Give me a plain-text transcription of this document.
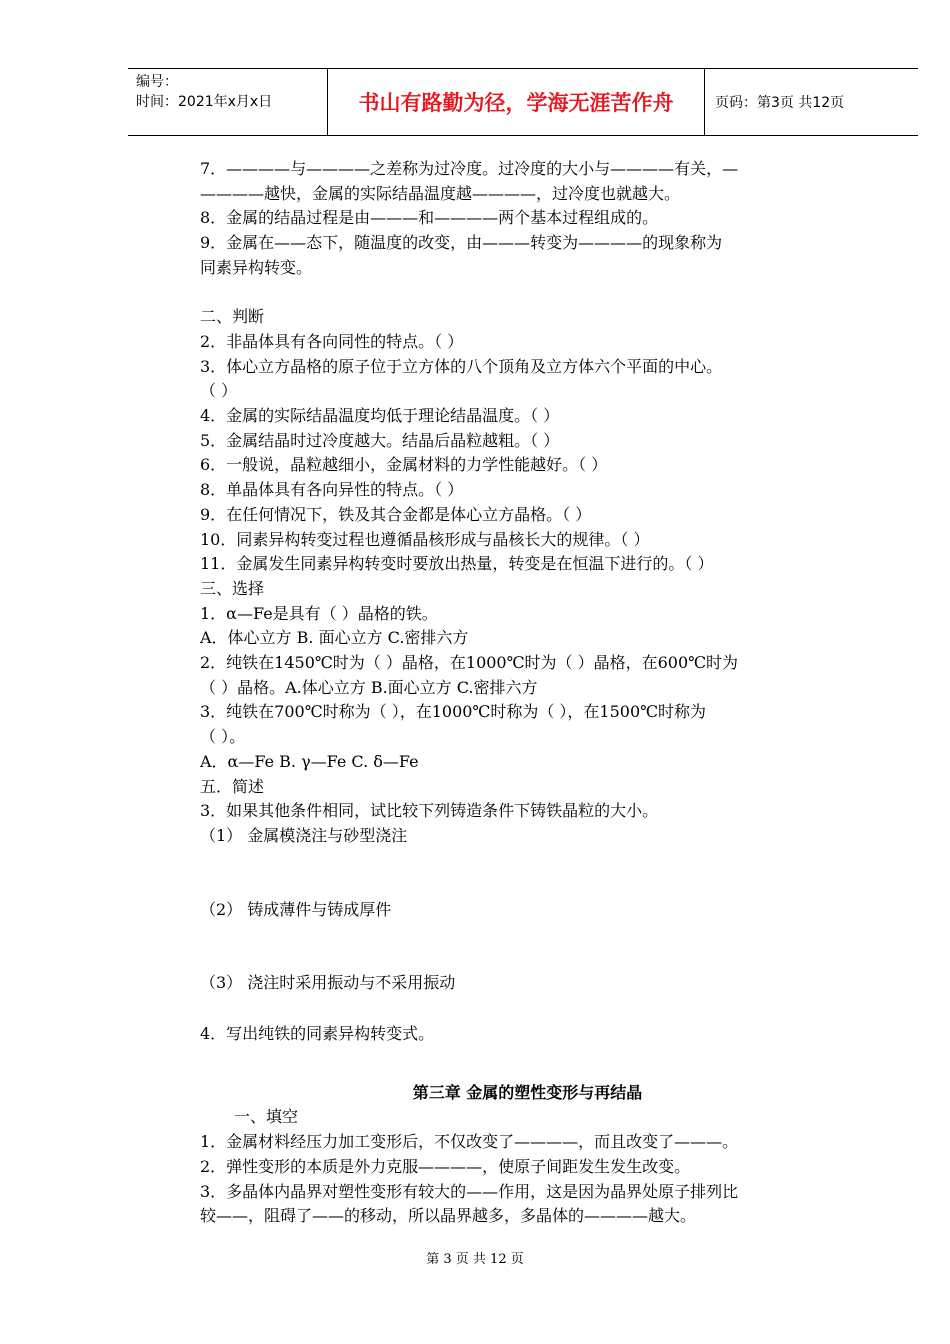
编号：
时间：2021年x月x日	书山有路勤为径，学海无涯苦作舟	页码：第3页 共12页

7．————与————之差称为过冷度。过冷度的大小与————有关，—

————越快，金属的实际结晶温度越————，过冷度也就越大。

8．金属的结晶过程是由———和————两个基本过程组成的。

9．金属在——态下，随温度的改变，由———转变为————的现象称为

同素异构转变。

二、判断

2．非晶体具有各向同性的特点。（ ）

3．体心立方晶格的原子位于立方体的八个顶角及立方体六个平面的中心。

（ ）

4．金属的实际结晶温度均低于理论结晶温度。（ ）

5．金属结晶时过冷度越大。结晶后晶粒越粗。（ ）

6．一般说，晶粒越细小，金属材料的力学性能越好。（ ）

8．单晶体具有各向异性的特点。（ ）

9．在任何情况下，铁及其合金都是体心立方晶格。（ ）

10．同素异构转变过程也遵循晶核形成与晶核长大的规律。（ ）

11．金属发生同素异构转变时要放出热量，转变是在恒温下进行的。（ ）

三、选择

1．α—Fe是具有（ ）晶格的铁。

A．体心立方 B. 面心立方 C.密排六方

2．纯铁在1450℃时为（ ）晶格，在1000℃时为（ ）晶格，在600℃时为

（ ）晶格。A.体心立方 B.面心立方 C.密排六方

3．纯铁在700℃时称为（ ），在1000℃时称为（ ），在1500℃时称为

（ ）。

A．α—Fe B. γ—Fe C. δ—Fe

五．简述

3．如果其他条件相同，试比较下列铸造条件下铸铁晶粒的大小。

（1） 金属模浇注与砂型浇注

（2） 铸成薄件与铸成厚件

（3） 浇注时采用振动与不采用振动

4．写出纯铁的同素异构转变式。

第三章 金属的塑性变形与再结晶

一、填空

1．金属材料经压力加工变形后，不仅改变了————，而且改变了———。

2．弹性变形的本质是外力克服————，使原子间距发生发生改变。

3．多晶体内晶界对塑性变形有较大的——作用，这是因为晶界处原子排列比

较——，阻碍了——的移动，所以晶界越多，多晶体的————越大。

第 3 页 共 12 页
